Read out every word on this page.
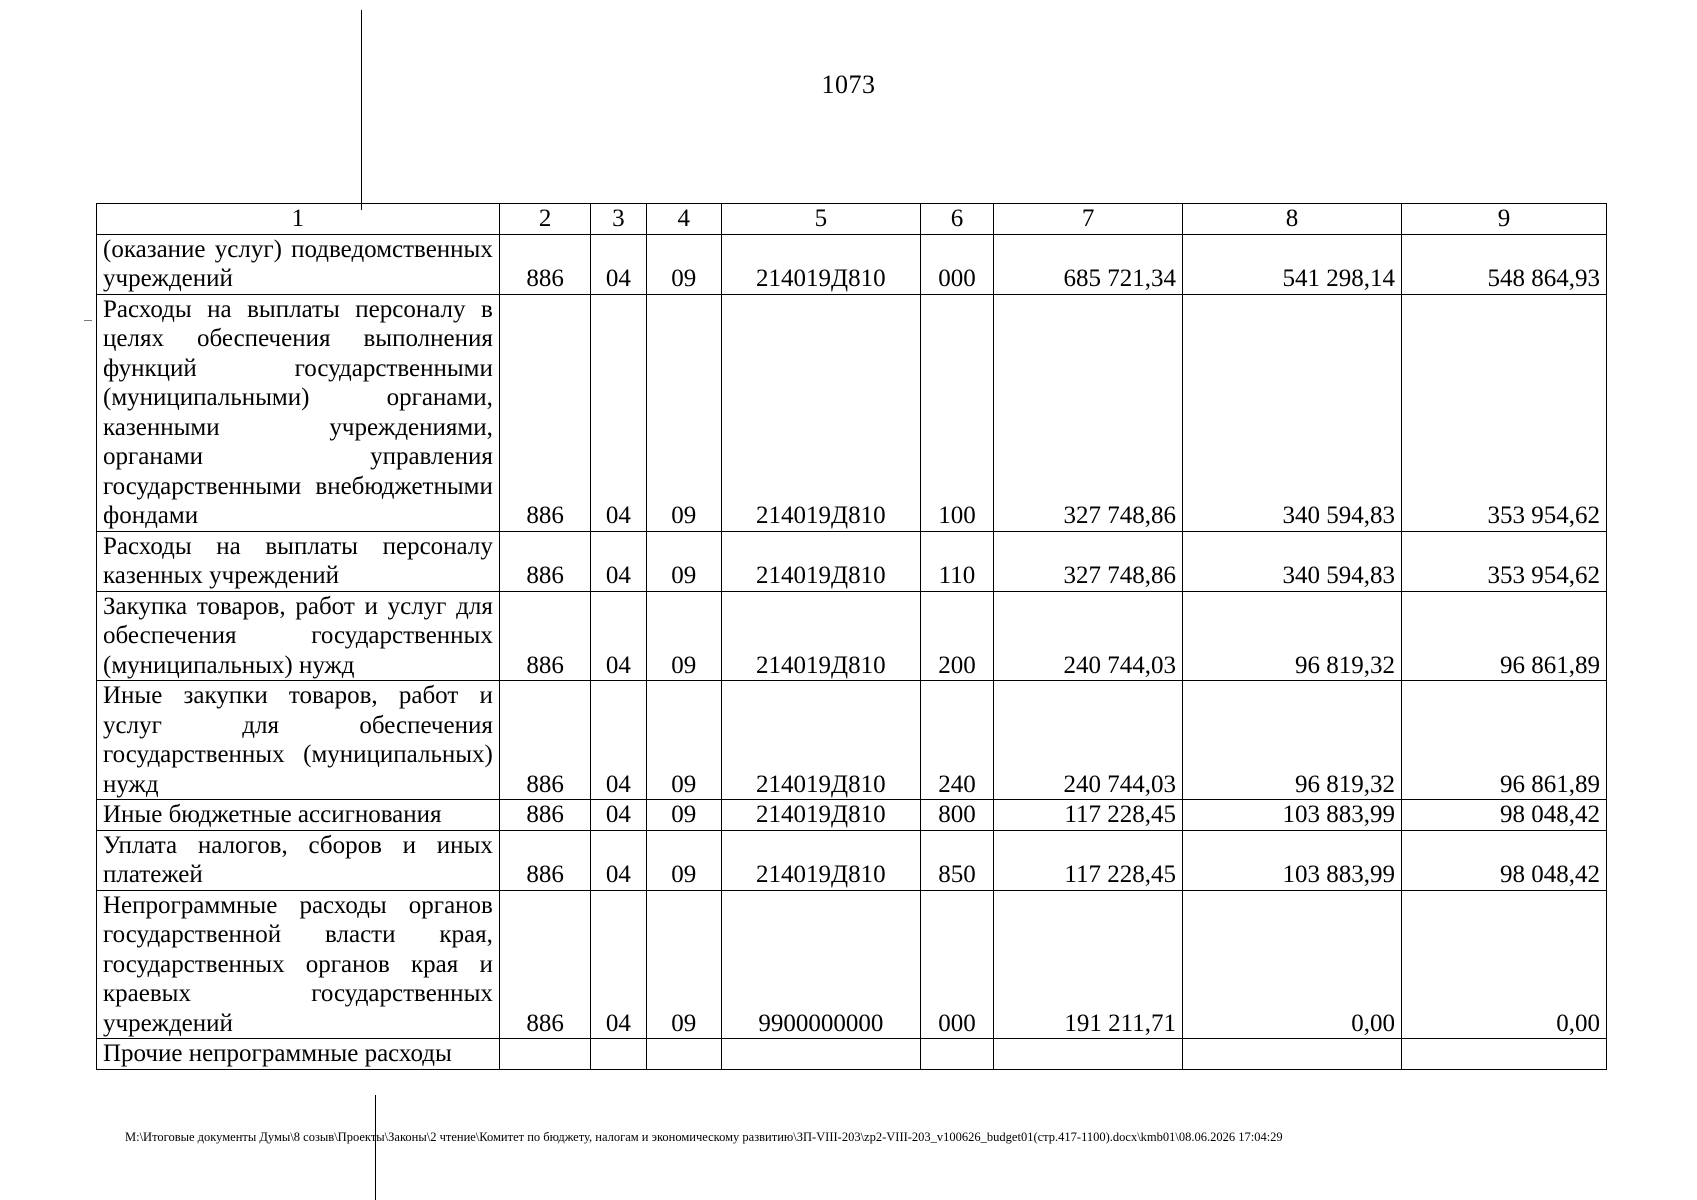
1073
1	2	3	4	5	6	7	8	9
(оказание услуг) подведомственных учреждений	886	04	09	214019Д810	000	685 721,34	541 298,14	548 864,93
Расходы на выплаты персоналу в целях обеспечения выполнения функций государственными (муниципальными) органами, казенными учреждениями, органами управления государственными внебюджетными фондами	886	04	09	214019Д810	100	327 748,86	340 594,83	353 954,62
Расходы на выплаты персоналу казенных учреждений	886	04	09	214019Д810	110	327 748,86	340 594,83	353 954,62
Закупка товаров, работ и услуг для обеспечения государственных (муниципальных) нужд	886	04	09	214019Д810	200	240 744,03	96 819,32	96 861,89
Иные закупки товаров, работ и услуг для обеспечения государственных (муниципальных) нужд	886	04	09	214019Д810	240	240 744,03	96 819,32	96 861,89
Иные бюджетные ассигнования	886	04	09	214019Д810	800	117 228,45	103 883,99	98 048,42
Уплата налогов, сборов и иных платежей	886	04	09	214019Д810	850	117 228,45	103 883,99	98 048,42
Непрограммные расходы органов государственной власти края, государственных органов края и краевых государственных учреждений	886	04	09	9900000000	000	191 211,71	0,00	0,00
Прочие непрограммные расходы								
M:\Итоговые документы Думы\8 созыв\Проекты\Законы\2 чтение\Комитет по бюджету, налогам и экономическому развитию\ЗП-VIII-203\zp2-VIII-203_v100626_budget01(стр.417-1100).docx\kmb01\08.06.2026 17:04:29
